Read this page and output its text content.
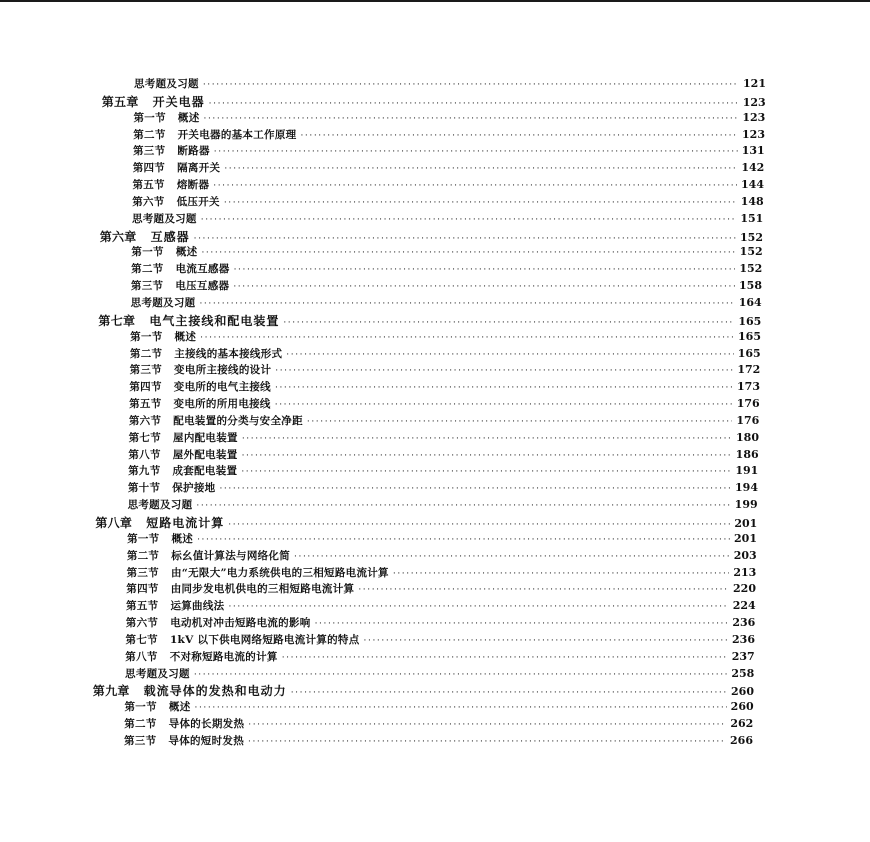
思考题及习题 ·····	121
第五章 开关电器 ·····	123
第一节 概述 ·····	123
第二节 开关电器的基本工作原理 ·····	123
第三节 断路器 ·····	131
第四节 隔离开关 ·····	142
第五节 熔断器 ·····	144
第六节 低压开关 ·····	148
思考题及习题 ·····	151
第六章 互感器 ·····	152
第一节 概述 ·····	152
第二节 电流互感器 ·····	152
第三节 电压互感器 ·····	158
思考题及习题 ·····	164
第七章 电气主接线和配电装置 ·····	165
第一节 概述 ·····	165
第二节 主接线的基本接线形式 ·····	165
第三节 变电所主接线的设计 ·····	172
第四节 变电所的电气主接线 ·····	173
第五节 变电所的所用电接线 ·····	176
第六节 配电装置的分类与安全净距 ·····	176
第七节 屋内配电装置 ·····	180
第八节 屋外配电装置 ·····	186
第九节 成套配电装置 ·····	191
第十节 保护接地 ·····	194
思考题及习题 ·····	199
第八章 短路电流计算 ·····	201
第一节 概述 ·····	201
第二节 标幺值计算法与网络化简 ·····	203
第三节 由“无限大”电力系统供电的三相短路电流计算 ·····	213
第四节 由同步发电机供电的三相短路电流计算 ·····	220
第五节 运算曲线法 ·····	224
第六节 电动机对冲击短路电流的影响 ·····	236
第七节 1kV 以下供电网络短路电流计算的特点 ·····	236
第八节 不对称短路电流的计算 ·····	237
思考题及习题 ·····	258
第九章 载流导体的发热和电动力 ·····	260
第一节 概述 ·····	260
第二节 导体的长期发热 ·····	262
第三节 导体的短时发热 ·····	266
